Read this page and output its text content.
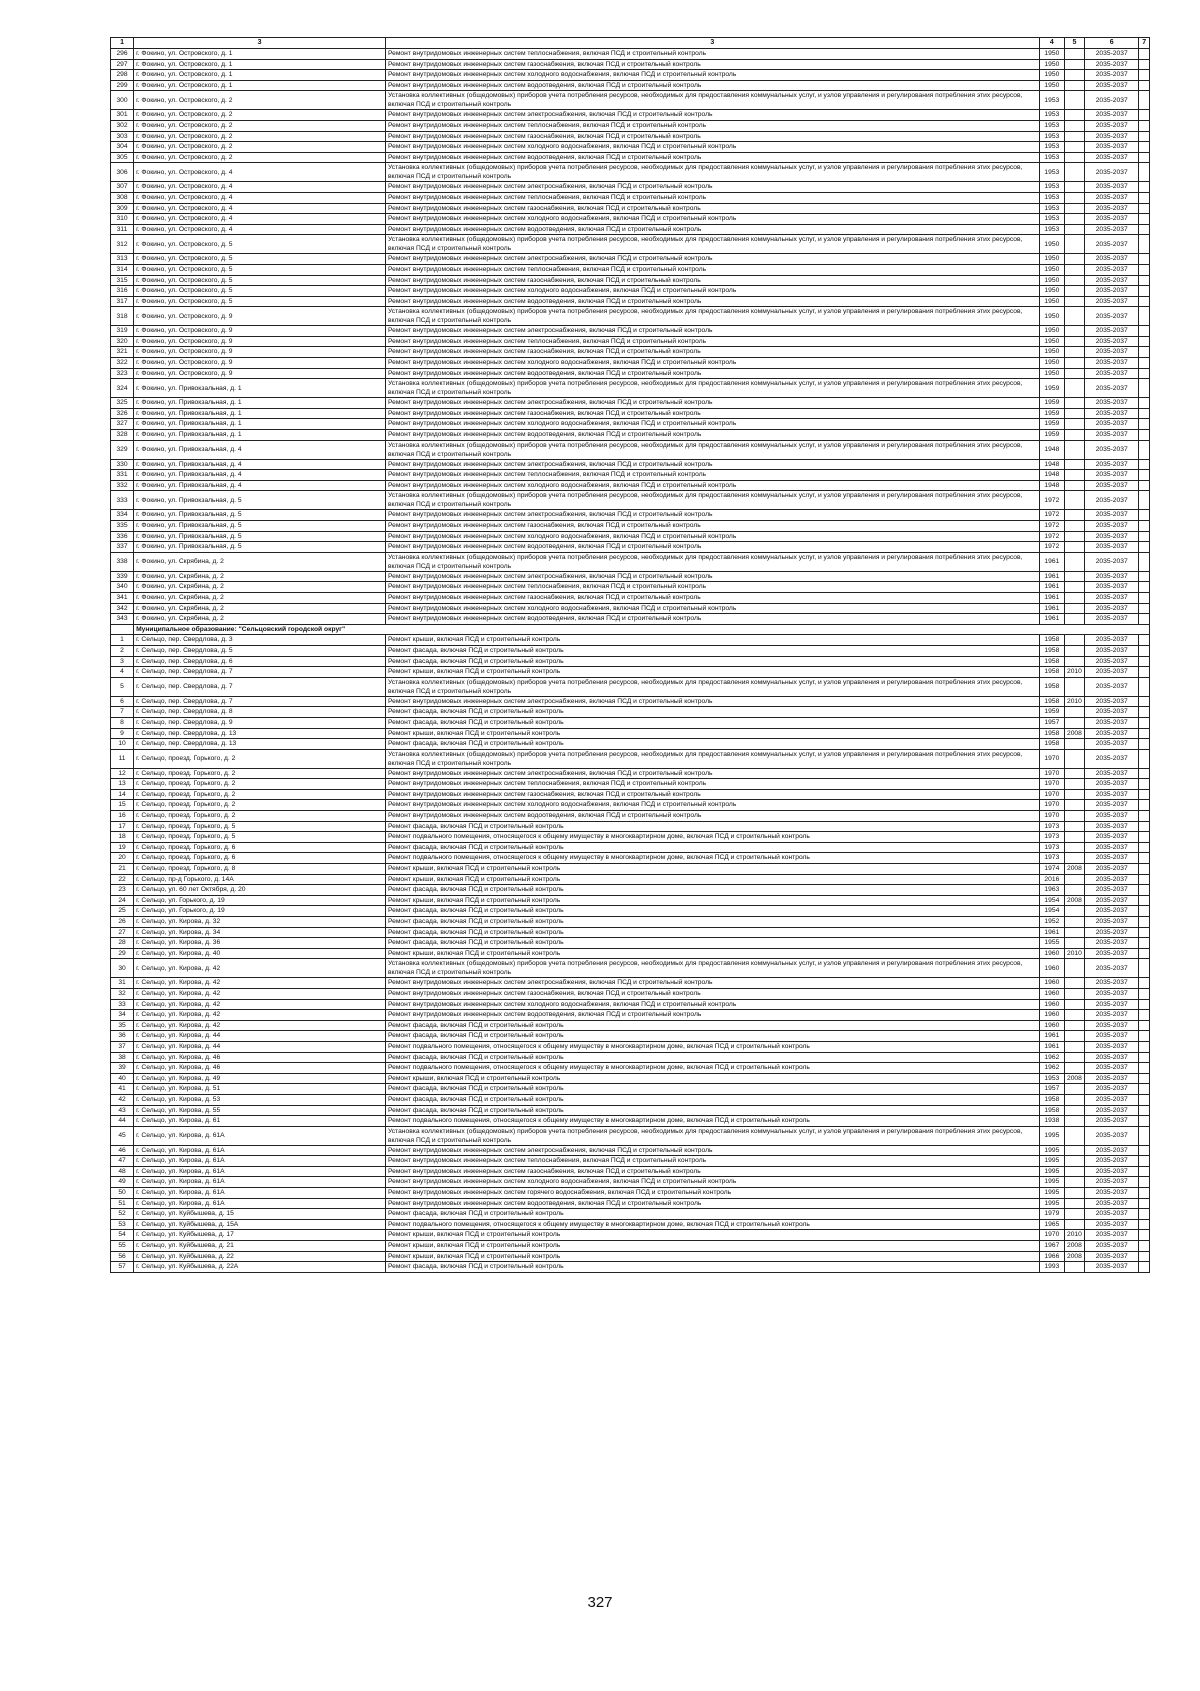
1	3	3	4	5	6	7
296	г. Фокино, ул. Островского, д. 1	Ремонт внутридомовых инженерных систем теплоснабжения, включая ПСД и строительный контроль	1950		2035-2037	
297	г. Фокино, ул. Островского, д. 1	Ремонт внутридомовых инженерных систем газоснабжения, включая ПСД и строительный контроль	1950		2035-2037	
298	г. Фокино, ул. Островского, д. 1	Ремонт внутридомовых инженерных систем холодного водоснабжения, включая ПСД и строительный контроль	1950		2035-2037	
299	г. Фокино, ул. Островского, д. 1	Ремонт внутридомовых инженерных систем водоотведения, включая ПСД и строительный контроль	1950		2035-2037	
300	г. Фокино, ул. Островского, д. 2	Установка коллективных (общедомовых) приборов учета потребления ресурсов, необходимых для предоставления коммунальных услуг, и узлов управления и регулирования потребления этих ресурсов, включая ПСД и строительный контроль	1953		2035-2037	
301	г. Фокино, ул. Островского, д. 2	Ремонт внутридомовых инженерных систем электроснабжения, включая ПСД и строительный контроль	1953		2035-2037	
302	г. Фокино, ул. Островского, д. 2	Ремонт внутридомовых инженерных систем теплоснабжения, включая ПСД и строительный контроль	1953		2035-2037	
303	г. Фокино, ул. Островского, д. 2	Ремонт внутридомовых инженерных систем газоснабжения, включая ПСД и строительный контроль	1953		2035-2037	
304	г. Фокино, ул. Островского, д. 2	Ремонт внутридомовых инженерных систем холодного водоснабжения, включая ПСД и строительный контроль	1953		2035-2037	
305	г. Фокино, ул. Островского, д. 2	Ремонт внутридомовых инженерных систем водоотведения, включая ПСД и строительный контроль	1953		2035-2037	
306	г. Фокино, ул. Островского, д. 4	Установка коллективных (общедомовых) приборов учета потребления ресурсов, необходимых для предоставления коммунальных услуг, и узлов управления и регулирования потребления этих ресурсов, включая ПСД и строительный контроль	1953		2035-2037	
307	г. Фокино, ул. Островского, д. 4	Ремонт внутридомовых инженерных систем электроснабжения, включая ПСД и строительный контроль	1953		2035-2037	
308	г. Фокино, ул. Островского, д. 4	Ремонт внутридомовых инженерных систем теплоснабжения, включая ПСД и строительный контроль	1953		2035-2037	
309	г. Фокино, ул. Островского, д. 4	Ремонт внутридомовых инженерных систем газоснабжения, включая ПСД и строительный контроль	1953		2035-2037	
310	г. Фокино, ул. Островского, д. 4	Ремонт внутридомовых инженерных систем холодного водоснабжения, включая ПСД и строительный контроль	1953		2035-2037	
311	г. Фокино, ул. Островского, д. 4	Ремонт внутридомовых инженерных систем водоотведения, включая ПСД и строительный контроль	1953		2035-2037	
312	г. Фокино, ул. Островского, д. 5	Установка коллективных (общедомовых) приборов учета потребления ресурсов, необходимых для предоставления коммунальных услуг, и узлов управления и регулирования потребления этих ресурсов, включая ПСД и строительный контроль	1950		2035-2037	
313	г. Фокино, ул. Островского, д. 5	Ремонт внутридомовых инженерных систем электроснабжения, включая ПСД и строительный контроль	1950		2035-2037	
314	г. Фокино, ул. Островского, д. 5	Ремонт внутридомовых инженерных систем теплоснабжения, включая ПСД и строительный контроль	1950		2035-2037	
315	г. Фокино, ул. Островского, д. 5	Ремонт внутридомовых инженерных систем газоснабжения, включая ПСД и строительный контроль	1950		2035-2037	
316	г. Фокино, ул. Островского, д. 5	Ремонт внутридомовых инженерных систем холодного водоснабжения, включая ПСД и строительный контроль	1950		2035-2037	
317	г. Фокино, ул. Островского, д. 5	Ремонт внутридомовых инженерных систем водоотведения, включая ПСД и строительный контроль	1950		2035-2037	
318	г. Фокино, ул. Островского, д. 9	Установка коллективных (общедомовых) приборов учета потребления ресурсов, необходимых для предоставления коммунальных услуг, и узлов управления и регулирования потребления этих ресурсов, включая ПСД и строительный контроль	1950		2035-2037	
319	г. Фокино, ул. Островского, д. 9	Ремонт внутридомовых инженерных систем электроснабжения, включая ПСД и строительный контроль	1950		2035-2037	
320	г. Фокино, ул. Островского, д. 9	Ремонт внутридомовых инженерных систем теплоснабжения, включая ПСД и строительный контроль	1950		2035-2037	
321	г. Фокино, ул. Островского, д. 9	Ремонт внутридомовых инженерных систем газоснабжения, включая ПСД и строительный контроль	1950		2035-2037	
322	г. Фокино, ул. Островского, д. 9	Ремонт внутридомовых инженерных систем холодного водоснабжения, включая ПСД и строительный контроль	1950		2035-2037	
323	г. Фокино, ул. Островского, д. 9	Ремонт внутридомовых инженерных систем водоотведения, включая ПСД и строительный контроль	1950		2035-2037	
324	г. Фокино, ул. Привокзальная, д. 1	Установка коллективных (общедомовых) приборов учета потребления ресурсов, необходимых для предоставления коммунальных услуг, и узлов управления и регулирования потребления этих ресурсов, включая ПСД и строительный контроль	1959		2035-2037	
325	г. Фокино, ул. Привокзальная, д. 1	Ремонт внутридомовых инженерных систем электроснабжения, включая ПСД и строительный контроль	1959		2035-2037	
326	г. Фокино, ул. Привокзальная, д. 1	Ремонт внутридомовых инженерных систем газоснабжения, включая ПСД и строительный контроль	1959		2035-2037	
327	г. Фокино, ул. Привокзальная, д. 1	Ремонт внутридомовых инженерных систем холодного водоснабжения, включая ПСД и строительный контроль	1959		2035-2037	
328	г. Фокино, ул. Привокзальная, д. 1	Ремонт внутридомовых инженерных систем водоотведения, включая ПСД и строительный контроль	1959		2035-2037	
329	г. Фокино, ул. Привокзальная, д. 4	Установка коллективных (общедомовых) приборов учета потребления ресурсов, необходимых для предоставления коммунальных услуг, и узлов управления и регулирования потребления этих ресурсов, включая ПСД и строительный контроль	1948		2035-2037	
330	г. Фокино, ул. Привокзальная, д. 4	Ремонт внутридомовых инженерных систем электроснабжения, включая ПСД и строительный контроль	1948		2035-2037	
331	г. Фокино, ул. Привокзальная, д. 4	Ремонт внутридомовых инженерных систем теплоснабжения, включая ПСД и строительный контроль	1948		2035-2037	
332	г. Фокино, ул. Привокзальная, д. 4	Ремонт внутридомовых инженерных систем холодного водоснабжения, включая ПСД и строительный контроль	1948		2035-2037	
333	г. Фокино, ул. Привокзальная, д. 5	Установка коллективных (общедомовых) приборов учета потребления ресурсов, необходимых для предоставления коммунальных услуг, и узлов управления и регулирования потребления этих ресурсов, включая ПСД и строительный контроль	1972		2035-2037	
334	г. Фокино, ул. Привокзальная, д. 5	Ремонт внутридомовых инженерных систем электроснабжения, включая ПСД и строительный контроль	1972		2035-2037	
335	г. Фокино, ул. Привокзальная, д. 5	Ремонт внутридомовых инженерных систем газоснабжения, включая ПСД и строительный контроль	1972		2035-2037	
336	г. Фокино, ул. Привокзальная, д. 5	Ремонт внутридомовых инженерных систем холодного водоснабжения, включая ПСД и строительный контроль	1972		2035-2037	
337	г. Фокино, ул. Привокзальная, д. 5	Ремонт внутридомовых инженерных систем водоотведения, включая ПСД и строительный контроль	1972		2035-2037	
338	г. Фокино, ул. Скрябина, д. 2	Установка коллективных (общедомовых) приборов учета потребления ресурсов, необходимых для предоставления коммунальных услуг, и узлов управления и регулирования потребления этих ресурсов, включая ПСД и строительный контроль	1961		2035-2037	
339	г. Фокино, ул. Скрябина, д. 2	Ремонт внутридомовых инженерных систем электроснабжения, включая ПСД и строительный контроль	1961		2035-2037	
340	г. Фокино, ул. Скрябина, д. 2	Ремонт внутридомовых инженерных систем теплоснабжения, включая ПСД и строительный контроль	1961		2035-2037	
341	г. Фокино, ул. Скрябина, д. 2	Ремонт внутридомовых инженерных систем газоснабжения, включая ПСД и строительный контроль	1961		2035-2037	
342	г. Фокино, ул. Скрябина, д. 2	Ремонт внутридомовых инженерных систем холодного водоснабжения, включая ПСД и строительный контроль	1961		2035-2037	
343	г. Фокино, ул. Скрябина, д. 2	Ремонт внутридомовых инженерных систем водоотведения, включая ПСД и строительный контроль	1961		2035-2037	
	Муниципальное образование: "Сельцовский городской округ"					
1	г. Сельцо, пер. Свердлова, д. 3	Ремонт крыши, включая ПСД и строительный контроль	1958		2035-2037	
2	г. Сельцо, пер. Свердлова, д. 5	Ремонт фасада, включая ПСД и строительный контроль	1958		2035-2037	
3	г. Сельцо, пер. Свердлова, д. 6	Ремонт фасада, включая ПСД и строительный контроль	1958		2035-2037	
4	г. Сельцо, пер. Свердлова, д. 7	Ремонт крыши, включая ПСД и строительный контроль	1958	2010	2035-2037	
5	г. Сельцо, пер. Свердлова, д. 7	Установка коллективных (общедомовых) приборов учета потребления ресурсов, необходимых для предоставления коммунальных услуг, и узлов управления и регулирования потребления этих ресурсов, включая ПСД и строительный контроль	1958		2035-2037	
6	г. Сельцо, пер. Свердлова, д. 7	Ремонт внутридомовых инженерных систем электроснабжения, включая ПСД и строительный контроль	1958	2010	2035-2037	
7	г. Сельцо, пер. Свердлова, д. 8	Ремонт фасада, включая ПСД и строительный контроль	1959		2035-2037	
8	г. Сельцо, пер. Свердлова, д. 9	Ремонт фасада, включая ПСД и строительный контроль	1957		2035-2037	
9	г. Сельцо, пер. Свердлова, д. 13	Ремонт крыши, включая ПСД и строительный контроль	1958	2008	2035-2037	
10	г. Сельцо, пер. Свердлова, д. 13	Ремонт фасада, включая ПСД и строительный контроль	1958		2035-2037	
11	г. Сельцо, проезд. Горького, д. 2	Установка коллективных (общедомовых) приборов учета потребления ресурсов, необходимых для предоставления коммунальных услуг, и узлов управления и регулирования потребления этих ресурсов, включая ПСД и строительный контроль	1970		2035-2037	
12	г. Сельцо, проезд. Горького, д. 2	Ремонт внутридомовых инженерных систем электроснабжения, включая ПСД и строительный контроль	1970		2035-2037	
13	г. Сельцо, проезд. Горького, д. 2	Ремонт внутридомовых инженерных систем теплоснабжения, включая ПСД и строительный контроль	1970		2035-2037	
14	г. Сельцо, проезд. Горького, д. 2	Ремонт внутридомовых инженерных систем газоснабжения, включая ПСД и строительный контроль	1970		2035-2037	
15	г. Сельцо, проезд. Горького, д. 2	Ремонт внутридомовых инженерных систем холодного водоснабжения, включая ПСД и строительный контроль	1970		2035-2037	
16	г. Сельцо, проезд. Горького, д. 2	Ремонт внутридомовых инженерных систем водоотведения, включая ПСД и строительный контроль	1970		2035-2037	
17	г. Сельцо, проезд. Горького, д. 5	Ремонт фасада, включая ПСД и строительный контроль	1973		2035-2037	
18	г. Сельцо, проезд. Горького, д. 5	Ремонт подвального помещения, относящегося к общему имуществу в многоквартирном доме, включая ПСД и строительный контроль	1973		2035-2037	
19	г. Сельцо, проезд. Горького, д. 6	Ремонт фасада, включая ПСД и строительный контроль	1973		2035-2037	
20	г. Сельцо, проезд. Горького, д. 6	Ремонт подвального помещения, относящегося к общему имуществу в многоквартирном доме, включая ПСД и строительный контроль	1973		2035-2037	
21	г. Сельцо, проезд. Горького, д. 8	Ремонт крыши, включая ПСД и строительный контроль	1974	2008	2035-2037	
22	г. Сельцо, пр-д Горького, д. 14А	Ремонт крыши, включая ПСД и строительный контроль	2016		2035-2037	
23	г. Сельцо, ул. 60 лет Октября, д. 20	Ремонт фасада, включая ПСД и строительный контроль	1963		2035-2037	
24	г. Сельцо, ул. Горького, д. 19	Ремонт крыши, включая ПСД и строительный контроль	1954	2008	2035-2037	
25	г. Сельцо, ул. Горького, д. 19	Ремонт фасада, включая ПСД и строительный контроль	1954		2035-2037	
26	г. Сельцо, ул. Кирова, д. 32	Ремонт фасада, включая ПСД и строительный контроль	1952		2035-2037	
27	г. Сельцо, ул. Кирова, д. 34	Ремонт фасада, включая ПСД и строительный контроль	1961		2035-2037	
28	г. Сельцо, ул. Кирова, д. 36	Ремонт фасада, включая ПСД и строительный контроль	1955		2035-2037	
29	г. Сельцо, ул. Кирова, д. 40	Ремонт крыши, включая ПСД и строительный контроль	1960	2010	2035-2037	
30	г. Сельцо, ул. Кирова, д. 42	Установка коллективных (общедомовых) приборов учета потребления ресурсов, необходимых для предоставления коммунальных услуг, и узлов управления и регулирования потребления этих ресурсов, включая ПСД и строительный контроль	1960		2035-2037	
31	г. Сельцо, ул. Кирова, д. 42	Ремонт внутридомовых инженерных систем электроснабжения, включая ПСД и строительный контроль	1960		2035-2037	
32	г. Сельцо, ул. Кирова, д. 42	Ремонт внутридомовых инженерных систем газоснабжения, включая ПСД и строительный контроль	1960		2035-2037	
33	г. Сельцо, ул. Кирова, д. 42	Ремонт внутридомовых инженерных систем холодного водоснабжения, включая ПСД и строительный контроль	1960		2035-2037	
34	г. Сельцо, ул. Кирова, д. 42	Ремонт внутридомовых инженерных систем водоотведения, включая ПСД и строительный контроль	1960		2035-2037	
35	г. Сельцо, ул. Кирова, д. 42	Ремонт фасада, включая ПСД и строительный контроль	1960		2035-2037	
36	г. Сельцо, ул. Кирова, д. 44	Ремонт фасада, включая ПСД и строительный контроль	1961		2035-2037	
37	г. Сельцо, ул. Кирова, д. 44	Ремонт подвального помещения, относящегося к общему имуществу в многоквартирном доме, включая ПСД и строительный контроль	1961		2035-2037	
38	г. Сельцо, ул. Кирова, д. 46	Ремонт фасада, включая ПСД и строительный контроль	1962		2035-2037	
39	г. Сельцо, ул. Кирова, д. 46	Ремонт подвального помещения, относящегося к общему имуществу в многоквартирном доме, включая ПСД и строительный контроль	1962		2035-2037	
40	г. Сельцо, ул. Кирова, д. 49	Ремонт крыши, включая ПСД и строительный контроль	1953	2008	2035-2037	
41	г. Сельцо, ул. Кирова, д. 51	Ремонт фасада, включая ПСД и строительный контроль	1957		2035-2037	
42	г. Сельцо, ул. Кирова, д. 53	Ремонт фасада, включая ПСД и строительный контроль	1958		2035-2037	
43	г. Сельцо, ул. Кирова, д. 55	Ремонт фасада, включая ПСД и строительный контроль	1958		2035-2037	
44	г. Сельцо, ул. Кирова, д. 61	Ремонт подвального помещения, относящегося к общему имуществу в многоквартирном доме, включая ПСД и строительный контроль	1938		2035-2037	
45	г. Сельцо, ул. Кирова, д. 61А	Установка коллективных (общедомовых) приборов учета потребления ресурсов, необходимых для предоставления коммунальных услуг, и узлов управления и регулирования потребления этих ресурсов, включая ПСД и строительный контроль	1995		2035-2037	
46	г. Сельцо, ул. Кирова, д. 61А	Ремонт внутридомовых инженерных систем электроснабжения, включая ПСД и строительный контроль	1995		2035-2037	
47	г. Сельцо, ул. Кирова, д. 61А	Ремонт внутридомовых инженерных систем теплоснабжения, включая ПСД и строительный контроль	1995		2035-2037	
48	г. Сельцо, ул. Кирова, д. 61А	Ремонт внутридомовых инженерных систем газоснабжения, включая ПСД и строительный контроль	1995		2035-2037	
49	г. Сельцо, ул. Кирова, д. 61А	Ремонт внутридомовых инженерных систем холодного водоснабжения, включая ПСД и строительный контроль	1995		2035-2037	
50	г. Сельцо, ул. Кирова, д. 61А	Ремонт внутридомовых инженерных систем горячего водоснабжения, включая ПСД и строительный контроль	1995		2035-2037	
51	г. Сельцо, ул. Кирова, д. 61А	Ремонт внутридомовых инженерных систем водоотведения, включая ПСД и строительный контроль	1995		2035-2037	
52	г. Сельцо, ул. Куйбышева, д. 15	Ремонт фасада, включая ПСД и строительный контроль	1979		2035-2037	
53	г. Сельцо, ул. Куйбышева, д. 15А	Ремонт подвального помещения, относящегося к общему имуществу в многоквартирном доме, включая ПСД и строительный контроль	1965		2035-2037	
54	г. Сельцо, ул. Куйбышева, д. 17	Ремонт крыши, включая ПСД и строительный контроль	1970	2010	2035-2037	
55	г. Сельцо, ул. Куйбышева, д. 21	Ремонт крыши, включая ПСД и строительный контроль	1967	2008	2035-2037	
56	г. Сельцо, ул. Куйбышева, д. 22	Ремонт крыши, включая ПСД и строительный контроль	1966	2008	2035-2037	
57	г. Сельцо, ул. Куйбышева, д. 22А	Ремонт фасада, включая ПСД и строительный контроль	1993		2035-2037	
327
